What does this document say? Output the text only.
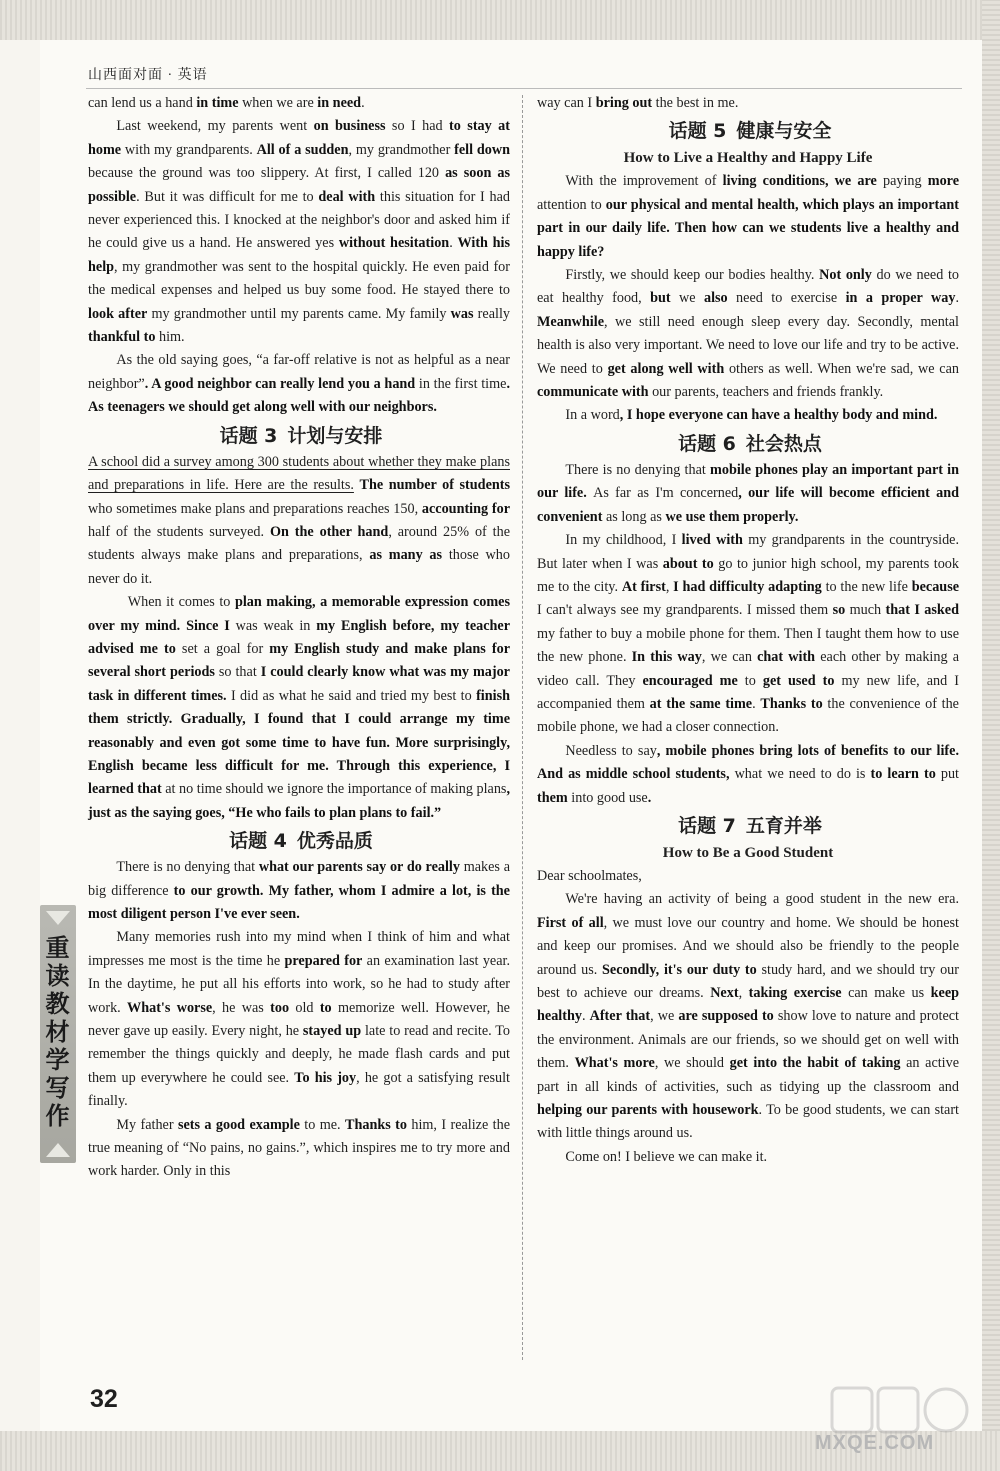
山西面对面 · 英语

can lend us a hand in time when we are in need.

Last weekend, my parents went on business so I had to stay at home with my grandparents. All of a sudden, my grandmother fell down because the ground was too slippery. At first, I called 120 as soon as possible. But it was difficult for me to deal with this situation for I had never experienced this. I knocked at the neighbor's door and asked him if he could give us a hand. He answered yes without hesitation. With his help, my grandmother was sent to the hospital quickly. He even paid for the medical expenses and helped us buy some food. He stayed there to look after my grandmother until my parents came. My family was really thankful to him.

As the old saying goes, “a far-off relative is not as helpful as a near neighbor”. A good neighbor can really lend you a hand in the first time. As teenagers we should get along well with our neighbors.

话题 3 计划与安排

A school did a survey among 300 students about whether they make plans and preparations in life. Here are the results. The number of students who sometimes make plans and preparations reaches 150, accounting for half of the students surveyed. On the other hand, around 25% of the students always make plans and preparations, as many as those who never do it.

When it comes to plan making, a memorable expression comes over my mind. Since I was weak in my English before, my teacher advised me to set a goal for my English study and make plans for several short periods so that I could clearly know what was my major task in different times. I did as what he said and tried my best to finish them strictly. Gradually, I found that I could arrange my time reasonably and even got some time to have fun. More surprisingly, English became less difficult for me. Through this experience, I learned that at no time should we ignore the importance of making plans, just as the saying goes, “He who fails to plan plans to fail.”

话题 4 优秀品质

There is no denying that what our parents say or do really makes a big difference to our growth. My father, whom I admire a lot, is the most diligent person I've ever seen.

Many memories rush into my mind when I think of him and what impresses me most is the time he prepared for an examination last year. In the daytime, he put all his efforts into work, so he had to study after work. What's worse, he was too old to memorize well. However, he never gave up easily. Every night, he stayed up late to read and recite. To remember the things quickly and deeply, he made flash cards and put them up everywhere he could see. To his joy, he got a satisfying result finally.

My father sets a good example to me. Thanks to him, I realize the true meaning of “No pains, no gains.”, which inspires me to try more and work harder. Only in this

way can I bring out the best in me.

话题 5 健康与安全
How to Live a Healthy and Happy Life

With the improvement of living conditions, we are paying more attention to our physical and mental health, which plays an important part in our daily life. Then how can we students live a healthy and happy life?

Firstly, we should keep our bodies healthy. Not only do we need to eat healthy food, but we also need to exercise in a proper way. Meanwhile, we still need enough sleep every day. Secondly, mental health is also very important. We need to love our life and try to be active. We need to get along well with others as well. When we're sad, we can communicate with our parents, teachers and friends frankly.

In a word, I hope everyone can have a healthy body and mind.

话题 6 社会热点

There is no denying that mobile phones play an important part in our life. As far as I'm concerned, our life will become efficient and convenient as long as we use them properly.

In my childhood, I lived with my grandparents in the countryside. But later when I was about to go to junior high school, my parents took me to the city. At first, I had difficulty adapting to the new life because I can't always see my grandparents. I missed them so much that I asked my father to buy a mobile phone for them. Then I taught them how to use the new phone. In this way, we can chat with each other by making a video call. They encouraged me to get used to my new life, and I accompanied them at the same time. Thanks to the convenience of the mobile phone, we had a closer connection.

Needless to say, mobile phones bring lots of benefits to our life. And as middle school students, what we need to do is to learn to put them into good use.

话题 7 五育并举
How to Be a Good Student

Dear schoolmates,

We're having an activity of being a good student in the new era. First of all, we must love our country and home. We should be honest and keep our promises. And we should also be friendly to the people around us. Secondly, it's our duty to study hard, and we should try our best to achieve our dreams. Next, taking exercise can make us keep healthy. After that, we are supposed to show love to nature and protect the environment. Animals are our friends, so we should get on well with them. What's more, we should get into the habit of taking an active part in all kinds of activities, such as tidying up the classroom and helping our parents with housework. To be good students, we can start with little things around us.

Come on! I believe we can make it.

重读教材学写作
32
MXQE.COM
